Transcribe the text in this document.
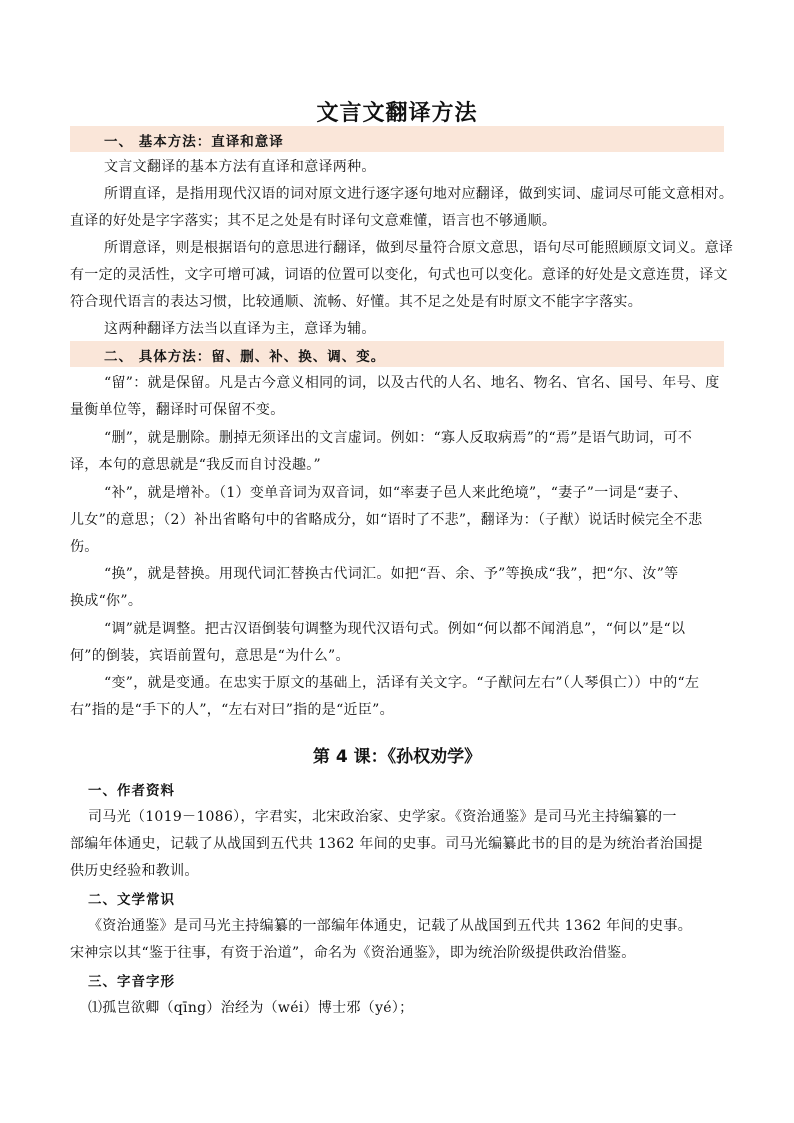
文言文翻译方法
一、 基本方法：直译和意译
文言文翻译的基本方法有直译和意译两种。
所谓直译，是指用现代汉语的词对原文进行逐字逐句地对应翻译，做到实词、虚词尽可能文意相对。
直译的好处是字字落实；其不足之处是有时译句文意难懂，语言也不够通顺。
所谓意译，则是根据语句的意思进行翻译，做到尽量符合原文意思，语句尽可能照顾原文词义。意译
有一定的灵活性，文字可增可减，词语的位置可以变化，句式也可以变化。意译的好处是文意连贯，译文
符合现代语言的表达习惯，比较通顺、流畅、好懂。其不足之处是有时原文不能字字落实。
这两种翻译方法当以直译为主，意译为辅。
二、 具体方法：留、删、补、换、调、变。
“留”：就是保留。凡是古今意义相同的词，以及古代的人名、地名、物名、官名、国号、年号、度
量衡单位等，翻译时可保留不变。
“删”，就是删除。删掉无须译出的文言虚词。例如：“寡人反取病焉”的“焉”是语气助词，可不
译，本句的意思就是“我反而自讨没趣。”
“补”，就是增补。（1）变单音词为双音词，如“率妻子邑人来此绝境”，“妻子”一词是“妻子、
儿女”的意思；（2）补出省略句中的省略成分，如“语时了不悲”，翻译为：（子猷）说话时候完全不悲
伤。
“换”，就是替换。用现代词汇替换古代词汇。如把“吾、余、予”等换成“我”，把“尔、汝”等
换成“你”。
“调”就是调整。把古汉语倒装句调整为现代汉语句式。例如“何以都不闻消息”，“何以”是“以
何”的倒装，宾语前置句，意思是“为什么”。
“变”，就是变通。在忠实于原文的基础上，活译有关文字。“子猷问左右”（人琴俱亡））中的“左
右”指的是“手下的人”，“左右对曰”指的是“近臣”。
第 4 课：《孙权劝学》
一、作者资料
司马光（1019－1086），字君实，北宋政治家、史学家。《资治通鉴》是司马光主持编纂的一
部编年体通史，记载了从战国到五代共 1362 年间的史事。司马光编纂此书的目的是为统治者治国提
供历史经验和教训。
二、文学常识
《资治通鉴》是司马光主持编纂的一部编年体通史，记载了从战国到五代共 1362 年间的史事。
宋神宗以其“鉴于往事，有资于治道”，命名为《资治通鉴》，即为统治阶级提供政治借鉴。
三、字音字形
⑴孤岂欲卿（qīng）治经为（wéi）博士邪（yé）；
